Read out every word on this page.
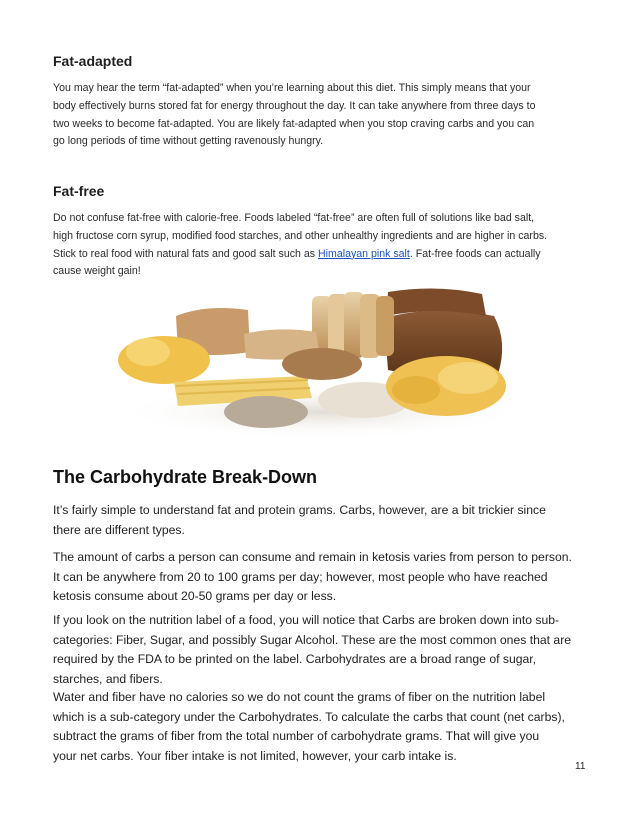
Fat-adapted
You may hear the term “fat-adapted” when you’re learning about this diet. This simply means that your
body effectively burns stored fat for energy throughout the day. It can take anywhere from three days to
two weeks to become fat-adapted. You are likely fat-adapted when you stop craving carbs and you can
go long periods of time without getting ravenously hungry.
Fat-free
Do not confuse fat-free with calorie-free. Foods labeled “fat-free” are often full of solutions like bad salt,
high fructose corn syrup, modified food starches, and other unhealthy ingredients and are higher in carbs.
Stick to real food with natural fats and good salt such as Himalayan pink salt. Fat-free foods can actually
cause weight gain!
The Carbohydrate Break-Down
It’s fairly simple to understand fat and protein grams. Carbs, however, are a bit trickier since
there are different types.
The amount of carbs a person can consume and remain in ketosis varies from person to person.
It can be anywhere from 20 to 100 grams per day; however, most people who have reached
ketosis consume about 20-50 grams per day or less.
If you look on the nutrition label of a food, you will notice that Carbs are broken down into sub-
categories: Fiber, Sugar, and possibly Sugar Alcohol. These are the most common ones that are
required by the FDA to be printed on the label. Carbohydrates are a broad range of sugar,
starches, and fibers.
Water and fiber have no calories so we do not count the grams of fiber on the nutrition label
which is a sub-category under the Carbohydrates. To calculate the carbs that count (net carbs),
subtract the grams of fiber from the total number of carbohydrate grams. That will give you
your net carbs. Your fiber intake is not limited, however, your carb intake is.
11
